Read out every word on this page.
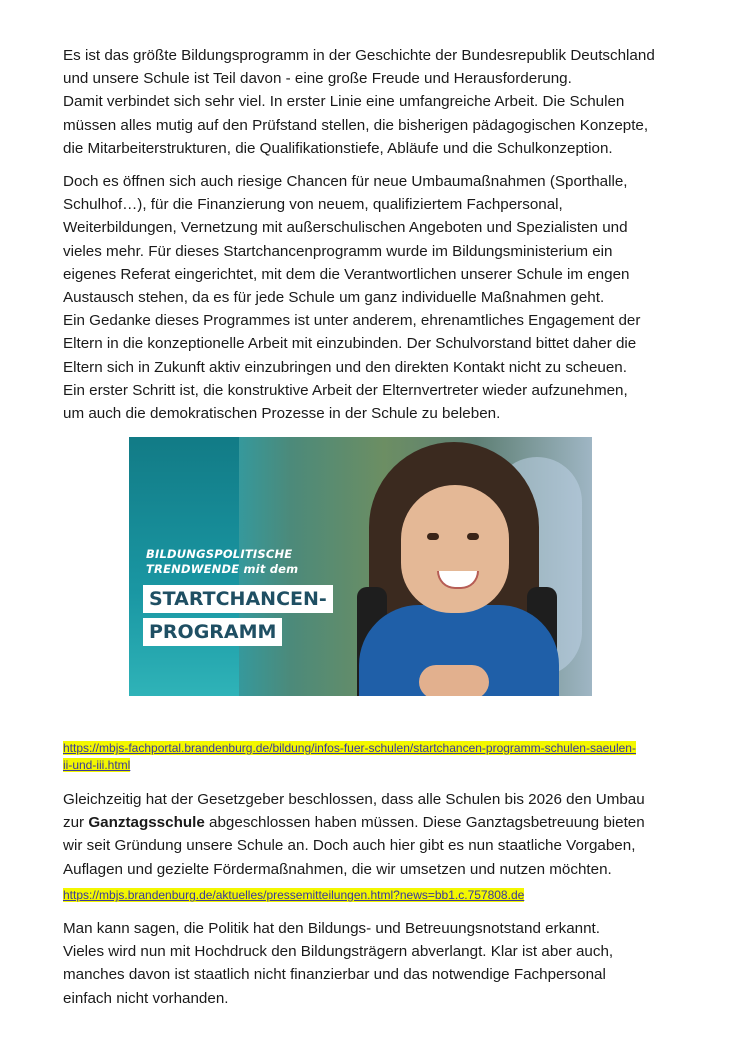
Es ist das größte Bildungsprogramm in der Geschichte der Bundesrepublik Deutschland

und unsere Schule ist Teil davon - eine große Freude und Herausforderung.

Damit verbindet sich sehr viel. In erster Linie eine umfangreiche Arbeit. Die Schulen

müssen alles mutig auf den Prüfstand stellen, die bisherigen pädagogischen Konzepte,

die Mitarbeiterstrukturen, die Qualifikationstiefe, Abläufe und die Schulkonzeption.

Doch es öffnen sich auch riesige Chancen für neue Umbaumaßnahmen (Sporthalle,

Schulhof…), für die Finanzierung von neuem, qualifiziertem Fachpersonal,

Weiterbildungen, Vernetzung mit außerschulischen Angeboten und Spezialisten und

vieles mehr. Für dieses Startchancenprogramm wurde im Bildungsministerium ein

eigenes Referat eingerichtet, mit dem die Verantwortlichen unserer Schule im engen

Austausch stehen, da es für jede Schule um ganz individuelle Maßnahmen geht.

Ein Gedanke dieses Programmes ist unter anderem, ehrenamtliches Engagement der

Eltern in die konzeptionelle Arbeit mit einzubinden. Der Schulvorstand bittet daher die

Eltern sich in Zukunft aktiv einzubringen und den direkten Kontakt nicht zu scheuen.

Ein erster Schritt ist, die konstruktive Arbeit der Elternvertreter wieder aufzunehmen,

um auch die demokratischen Prozesse in der Schule zu beleben.

BILDUNGSPOLITISCHE
TRENDWENDE mit dem
STARTCHANCEN-
PROGRAMM
https://mbjs-fachportal.brandenburg.de/bildung/infos-fuer-schulen/startchancen-programm-schulen-saeulen-
ii-und-iii.html

Gleichzeitig hat der Gesetzgeber beschlossen, dass alle Schulen bis 2026 den Umbau

zur Ganztagsschule abgeschlossen haben müssen. Diese Ganztagsbetreuung bieten

wir seit Gründung unsere Schule an. Doch auch hier gibt es nun staatliche Vorgaben,

Auflagen und gezielte Fördermaßnahmen, die wir umsetzen und nutzen möchten.

https://mbjs.brandenburg.de/aktuelles/pressemitteilungen.html?news=bb1.c.757808.de

Man kann sagen, die Politik hat den Bildungs- und Betreuungsnotstand erkannt.

Vieles wird nun mit Hochdruck den Bildungsträgern abverlangt. Klar ist aber auch,

manches davon ist staatlich nicht finanzierbar und das notwendige Fachpersonal

einfach nicht vorhanden.
